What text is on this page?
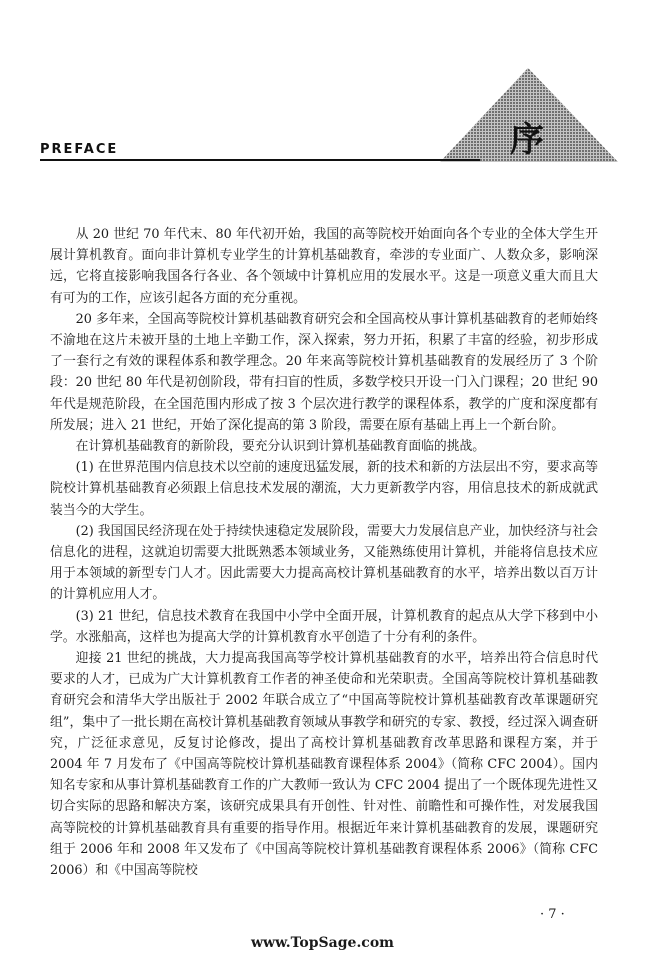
PREFACE	序

从 20 世纪 70 年代末、80 年代初开始，我国的高等院校开始面向各个专业的全体大学生开展计算机教育。面向非计算机专业学生的计算机基础教育，牵涉的专业面广、人数众多，影响深远，它将直接影响我国各行各业、各个领域中计算机应用的发展水平。这是一项意义重大而且大有可为的工作，应该引起各方面的充分重视。

20 多年来，全国高等院校计算机基础教育研究会和全国高校从事计算机基础教育的老师始终不渝地在这片未被开垦的土地上辛勤工作，深入探索，努力开拓，积累了丰富的经验，初步形成了一套行之有效的课程体系和教学理念。20 年来高等院校计算机基础教育的发展经历了 3 个阶段：20 世纪 80 年代是初创阶段，带有扫盲的性质，多数学校只开设一门入门课程；20 世纪 90 年代是规范阶段，在全国范围内形成了按 3 个层次进行教学的课程体系，教学的广度和深度都有所发展；进入 21 世纪，开始了深化提高的第 3 阶段，需要在原有基础上再上一个新台阶。

在计算机基础教育的新阶段，要充分认识到计算机基础教育面临的挑战。

(1) 在世界范围内信息技术以空前的速度迅猛发展，新的技术和新的方法层出不穷，要求高等院校计算机基础教育必须跟上信息技术发展的潮流，大力更新教学内容，用信息技术的新成就武装当今的大学生。

(2) 我国国民经济现在处于持续快速稳定发展阶段，需要大力发展信息产业，加快经济与社会信息化的进程，这就迫切需要大批既熟悉本领域业务，又能熟练使用计算机，并能将信息技术应用于本领域的新型专门人才。因此需要大力提高高校计算机基础教育的水平，培养出数以百万计的计算机应用人才。

(3) 21 世纪，信息技术教育在我国中小学中全面开展，计算机教育的起点从大学下移到中小学。水涨船高，这样也为提高大学的计算机教育水平创造了十分有利的条件。

迎接 21 世纪的挑战，大力提高我国高等学校计算机基础教育的水平，培养出符合信息时代要求的人才，已成为广大计算机教育工作者的神圣使命和光荣职责。全国高等院校计算机基础教育研究会和清华大学出版社于 2002 年联合成立了“中国高等院校计算机基础教育改革课题研究组”，集中了一批长期在高校计算机基础教育领域从事教学和研究的专家、教授，经过深入调查研究，广泛征求意见，反复讨论修改，提出了高校计算机基础教育改革思路和课程方案，并于 2004 年 7 月发布了《中国高等院校计算机基础教育课程体系 2004》（简称 CFC 2004）。国内知名专家和从事计算机基础教育工作的广大教师一致认为 CFC 2004 提出了一个既体现先进性又切合实际的思路和解决方案，该研究成果具有开创性、针对性、前瞻性和可操作性，对发展我国高等院校的计算机基础教育具有重要的指导作用。根据近年来计算机基础教育的发展，课题研究组于 2006 年和 2008 年又发布了《中国高等院校计算机基础教育课程体系 2006》（简称 CFC 2006）和《中国高等院校

· 7 ·
www.TopSage.com
